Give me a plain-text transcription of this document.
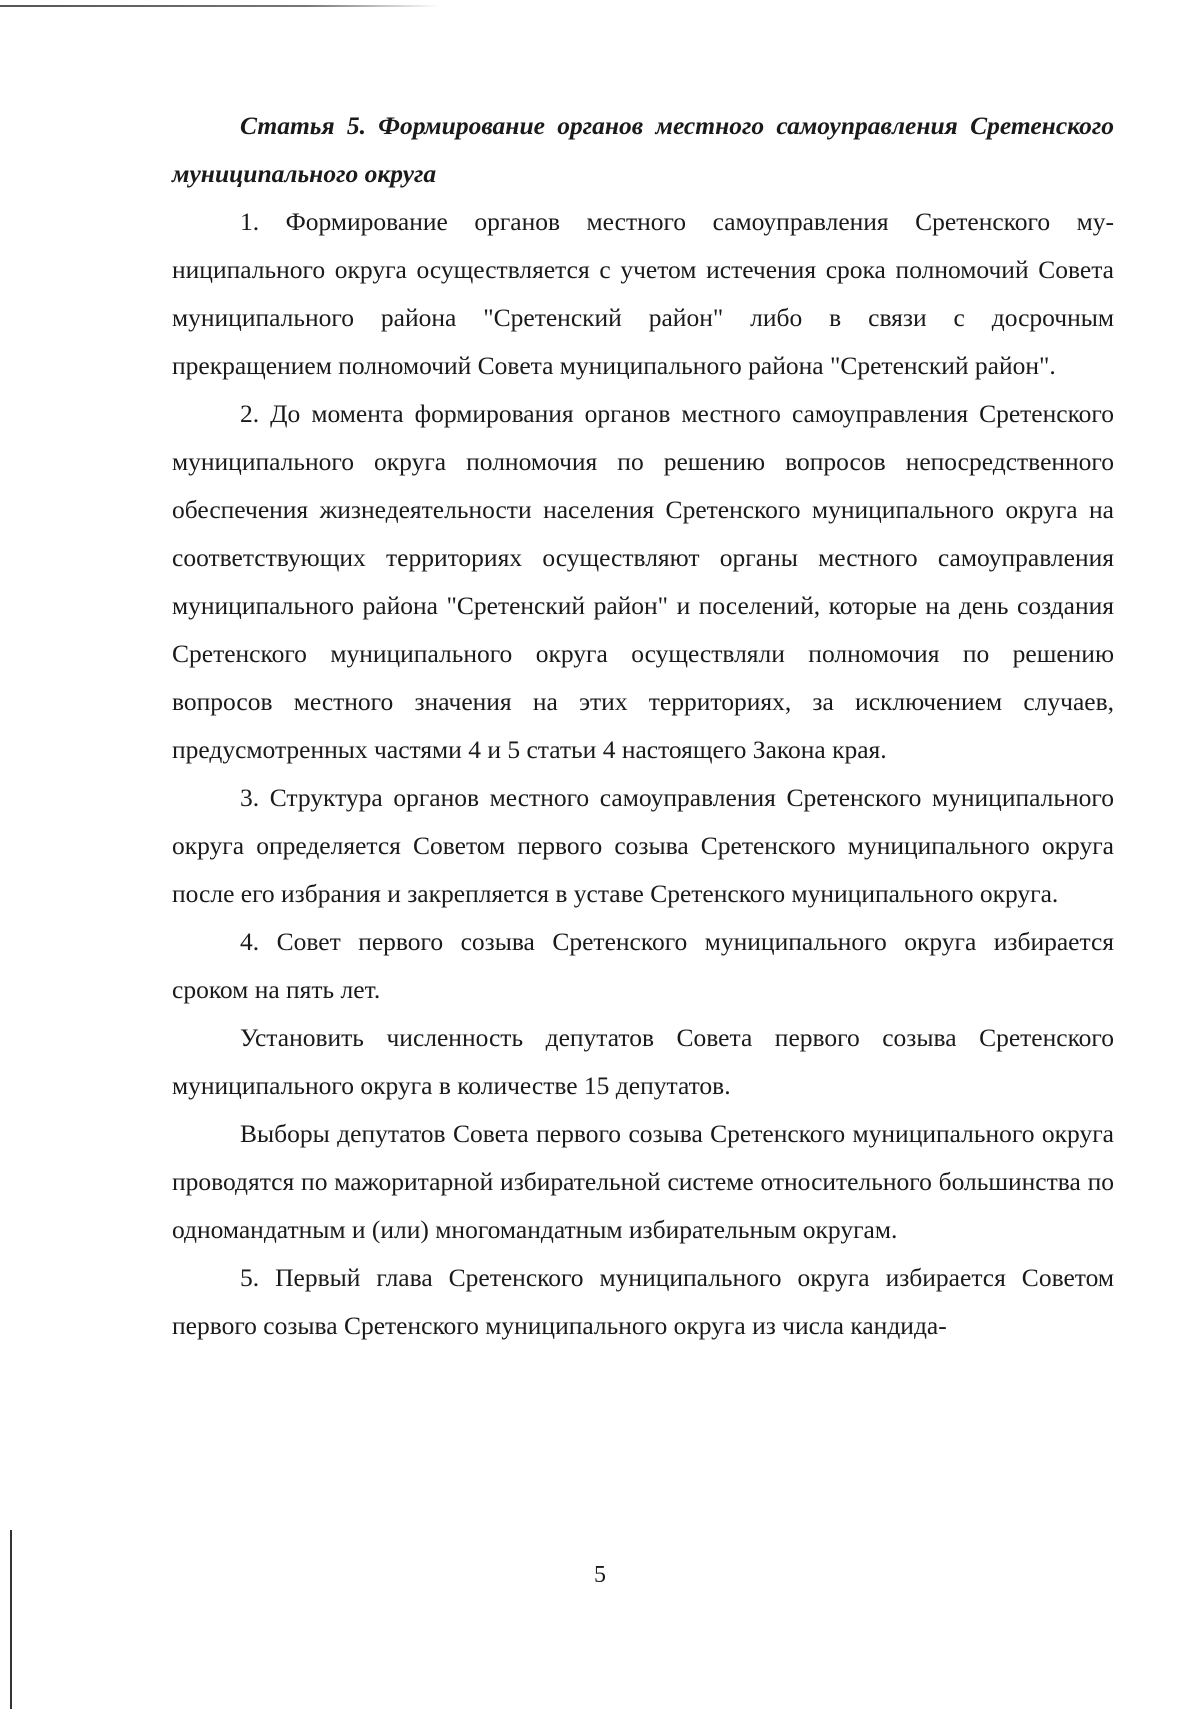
Статья 5. Формирование органов местного самоуправления Сретенского муниципального округа

1. Формирование органов местного самоуправления Сретенского муниципального округа осуществляется с учетом истечения срока полномочий Совета муниципального района "Сретенский район" либо в связи с досрочным прекращением полномочий Совета муниципального района "Сретенский район".

2. До момента формирования органов местного самоуправления Сретенского муниципального округа полномочия по решению вопросов непосредственного обеспечения жизнедеятельности населения Сретенского муниципального округа на соответствующих территориях осуществляют органы местного самоуправления муниципального района "Сретенский район" и поселений, которые на день создания Сретенского муниципального округа осуществляли полномочия по решению вопросов местного значения на этих территориях, за исключением случаев, предусмотренных частями 4 и 5 статьи 4 настоящего Закона края.

3. Структура органов местного самоуправления Сретенского муниципального округа определяется Советом первого созыва Сретенского муниципального округа после его избрания и закрепляется в уставе Сретенского муниципального округа.

4. Совет первого созыва Сретенского муниципального округа избирается сроком на пять лет.

Установить численность депутатов Совета первого созыва Сретенского муниципального округа в количестве 15 депутатов.

Выборы депутатов Совета первого созыва Сретенского муниципального округа проводятся по мажоритарной избирательной системе относительного большинства по одномандатным и (или) многомандатным избирательным округам.

5. Первый глава Сретенского муниципального округа избирается Советом первого созыва Сретенского муниципального округа из числа кандида-

5
